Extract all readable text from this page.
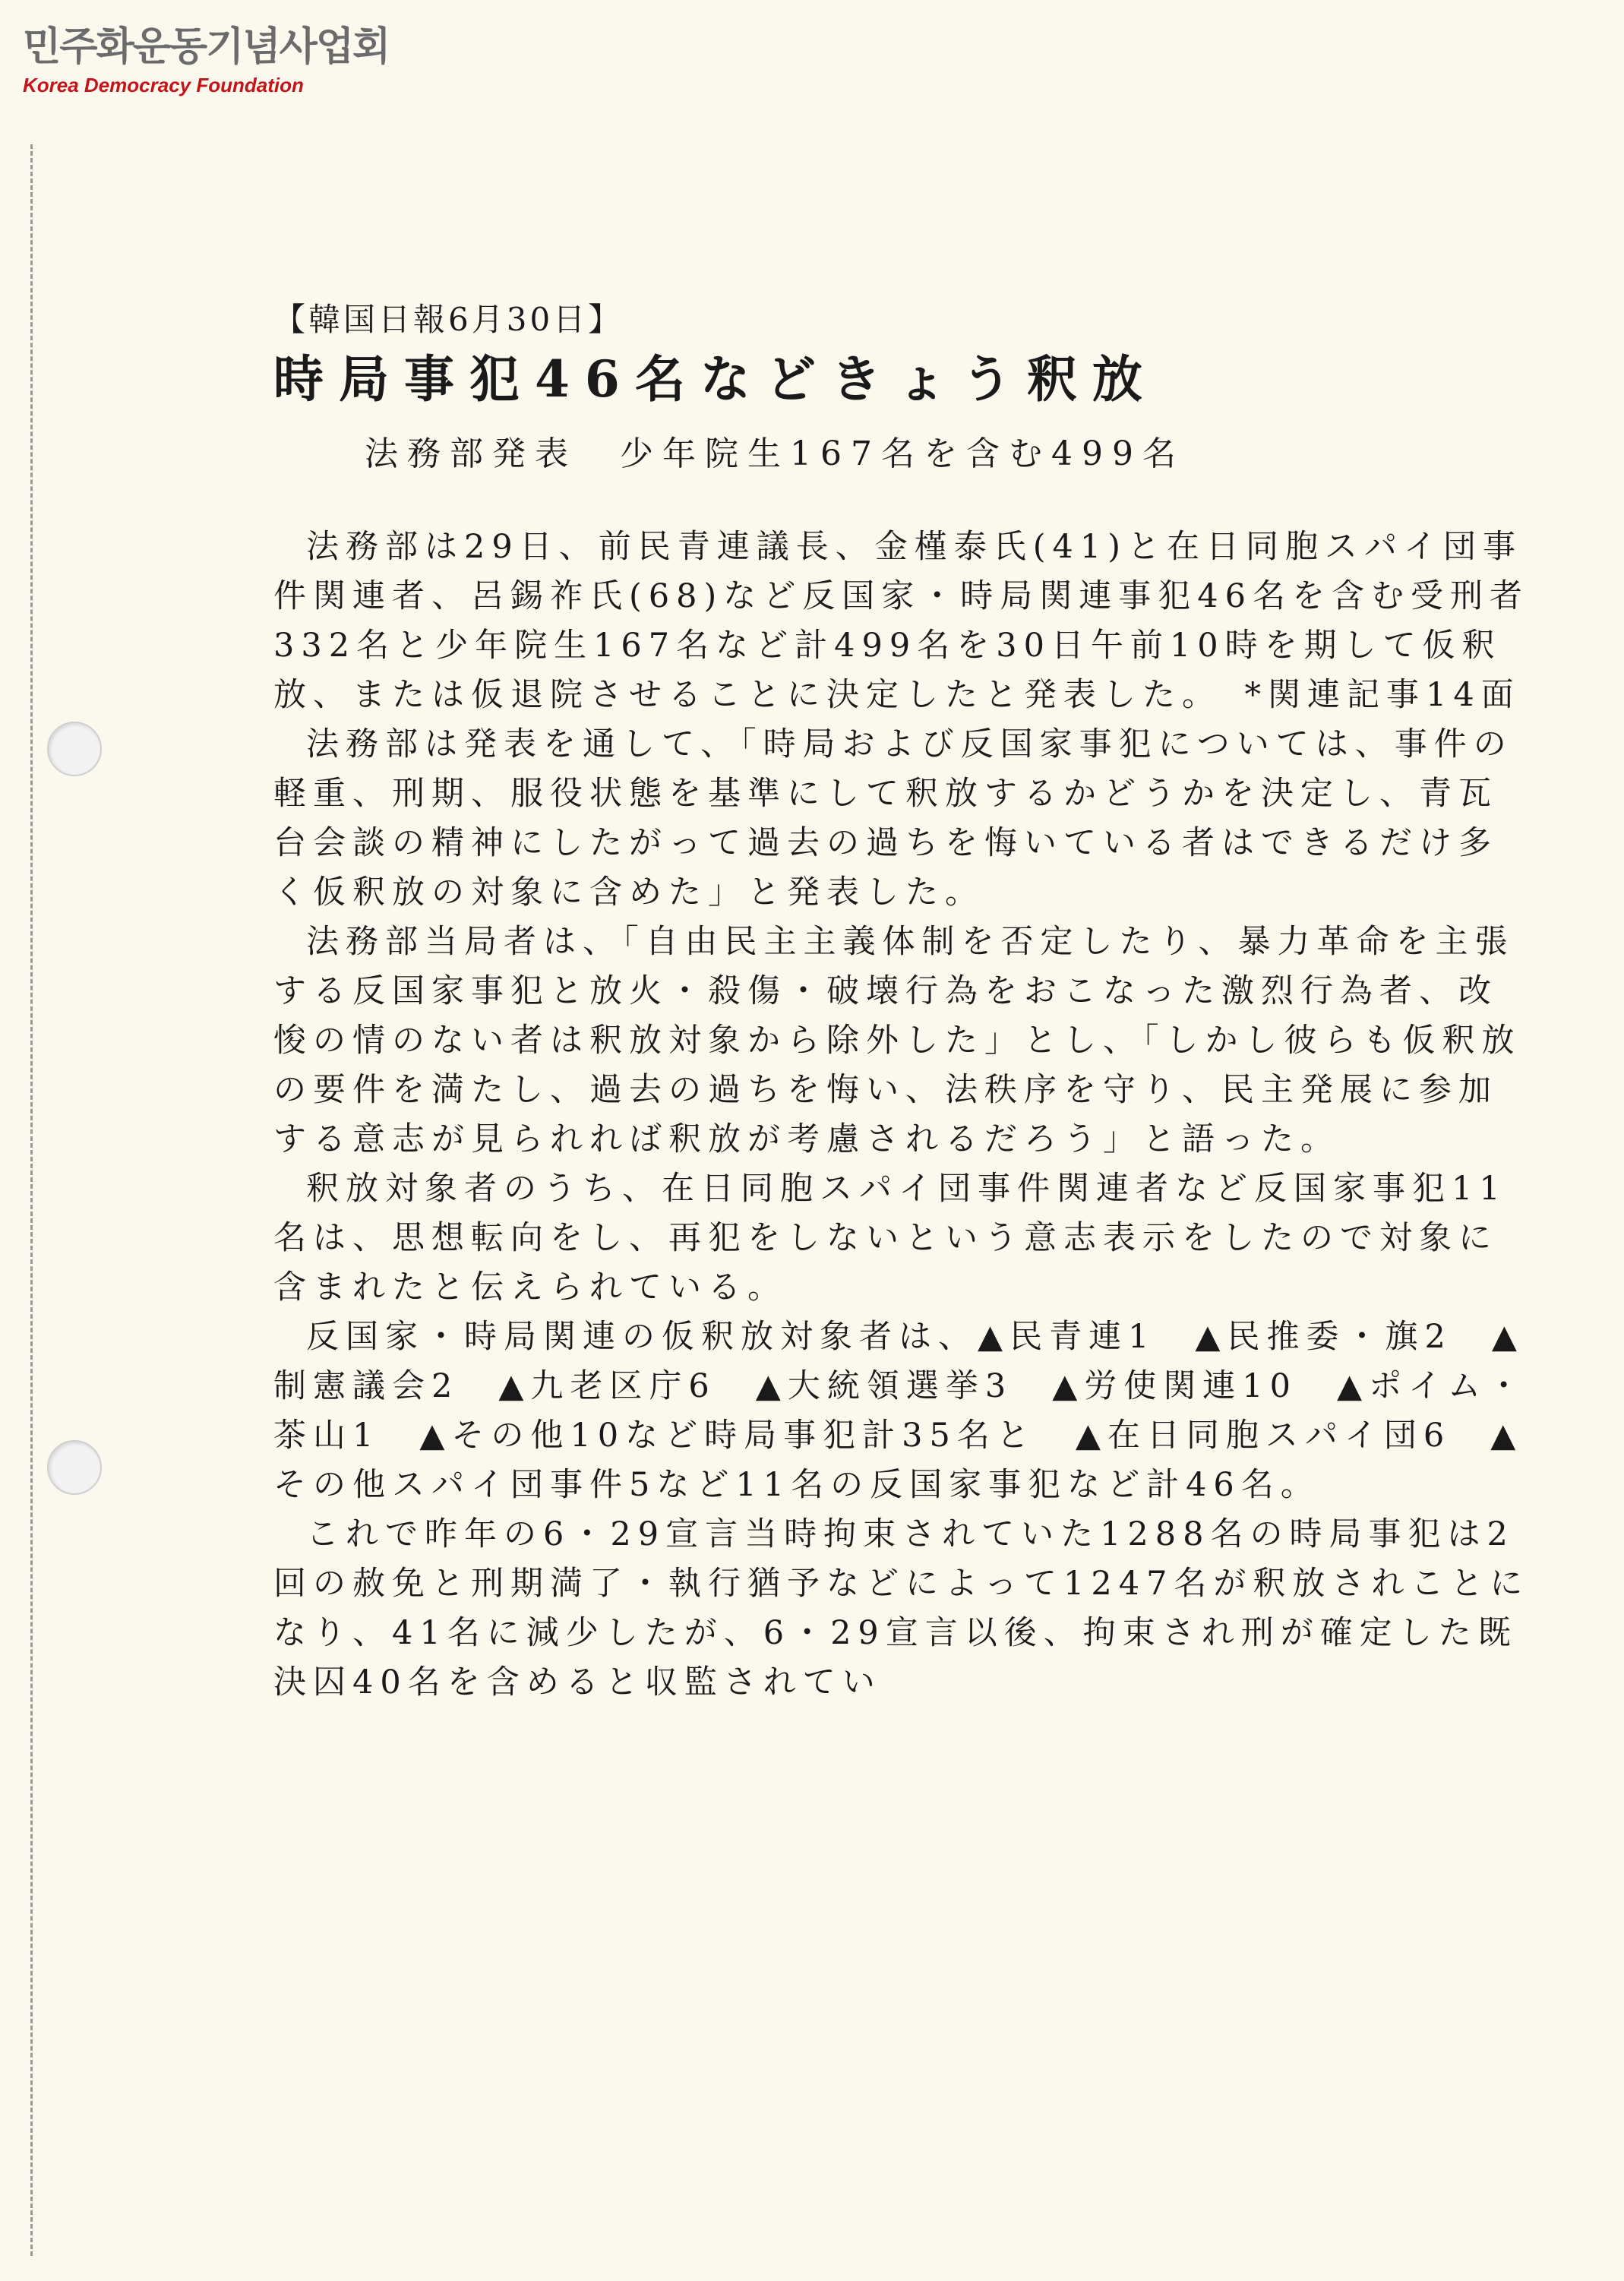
민주화운동기념사업회
Korea Democracy Foundation
【韓国日報6月30日】
時局事犯46名などきょう釈放
法務部発表　少年院生167名を含む499名

法務部は29日、前民青連議長、金槿泰氏(41)と在日同胞スパイ団事件関連者、呂錫祚氏(68)など反国家・時局関連事犯46名を含む受刑者332名と少年院生167名など計499名を30日午前10時を期して仮釈放、または仮退院させることに決定したと発表した。　*関連記事14面

法務部は発表を通して、「時局および反国家事犯については、事件の軽重、刑期、服役状態を基準にして釈放するかどうかを決定し、青瓦台会談の精神にしたがって過去の過ちを悔いている者はできるだけ多く仮釈放の対象に含めた」と発表した。

法務部当局者は、「自由民主主義体制を否定したり、暴力革命を主張する反国家事犯と放火・殺傷・破壊行為をおこなった激烈行為者、改悛の情のない者は釈放対象から除外した」とし、「しかし彼らも仮釈放の要件を満たし、過去の過ちを悔い、法秩序を守り、民主発展に参加する意志が見られれば釈放が考慮されるだろう」と語った。

釈放対象者のうち、在日同胞スパイ団事件関連者など反国家事犯11名は、思想転向をし、再犯をしないという意志表示をしたので対象に含まれたと伝えられている。

反国家・時局関連の仮釈放対象者は、▲民青連1　▲民推委・旗2　▲制憲議会2　▲九老区庁6　▲大統領選挙3　▲労使関連10　▲ポイム・茶山1　▲その他10など時局事犯計35名と　▲在日同胞スパイ団6　▲その他スパイ団事件5など11名の反国家事犯など計46名。

これで昨年の6・29宣言当時拘束されていた1288名の時局事犯は2回の赦免と刑期満了・執行猶予などによって1247名が釈放されことになり、41名に減少したが、6・29宣言以後、拘束され刑が確定した既決囚40名を含めると収監されてい
